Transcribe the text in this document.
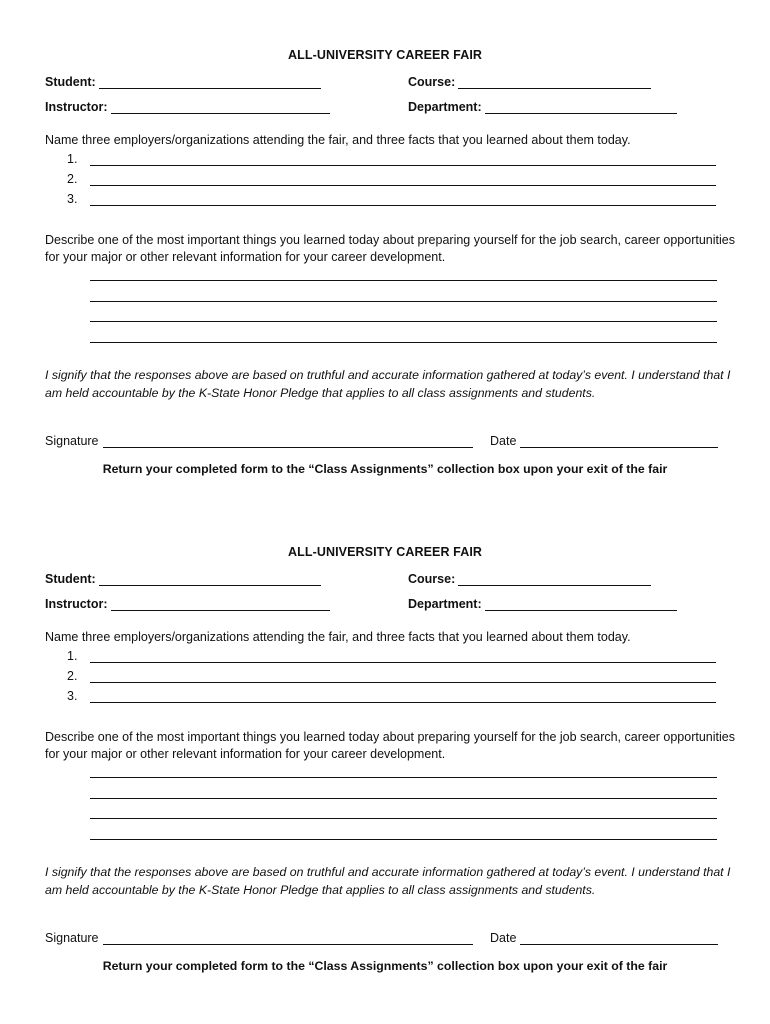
ALL-UNIVERSITY CAREER FAIR
Student:	Course:
Instructor:	Department:
Name three employers/organizations attending the fair, and three facts that you learned about them today.
1.
2.
3.
Describe one of the most important things you learned today about preparing yourself for the job search, career opportunities for your major or other relevant information for your career development.
I signify that the responses above are based on truthful and accurate information gathered at today’s event. I understand that I am held accountable by the K-State Honor Pledge that applies to all class assignments and students.
Signature	Date
Return your completed form to the “Class Assignments” collection box upon your exit of the fair
ALL-UNIVERSITY CAREER FAIR
Student:	Course:
Instructor:	Department:
Name three employers/organizations attending the fair, and three facts that you learned about them today.
1.
2.
3.
Describe one of the most important things you learned today about preparing yourself for the job search, career opportunities for your major or other relevant information for your career development.
I signify that the responses above are based on truthful and accurate information gathered at today’s event. I understand that I am held accountable by the K-State Honor Pledge that applies to all class assignments and students.
Signature	Date
Return your completed form to the “Class Assignments” collection box upon your exit of the fair
